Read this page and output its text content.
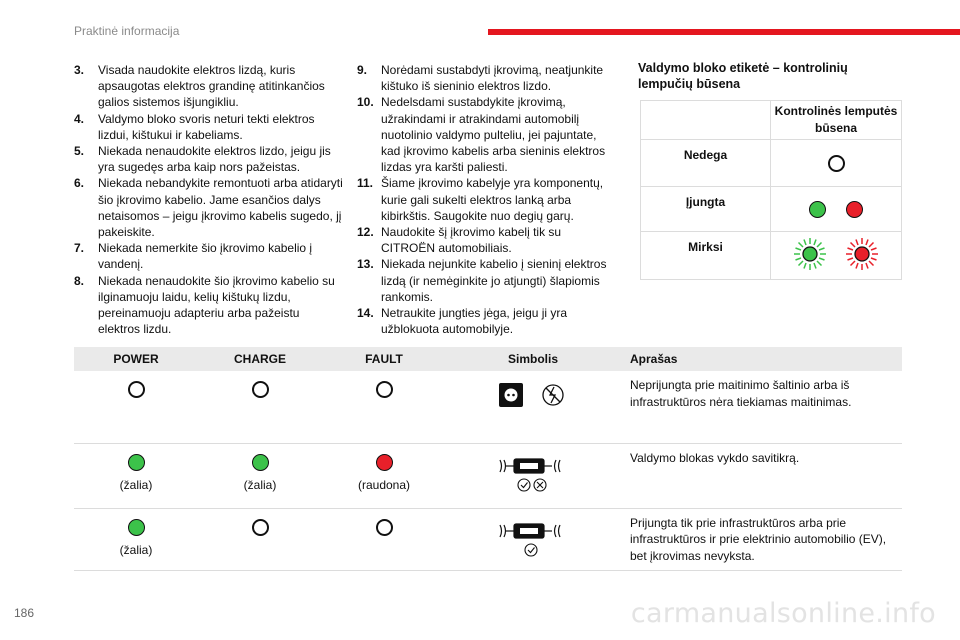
Praktinė informacija
3.	Visada naudokite elektros lizdą, kuris apsaugotas elektros grandinę atitinkančios galios sistemos išjungikliu.
4.	Valdymo bloko svoris neturi tekti elektros lizdui, kištukui ir kabeliams.
5.	Niekada nenaudokite elektros lizdo, jeigu jis yra sugedęs arba kaip nors pažeistas.
6.	Niekada nebandykite remontuoti arba atidaryti šio įkrovimo kabelio. Jame esančios dalys netaisomos – jeigu įkrovimo kabelis sugedo, jį pakeiskite.
7.	Niekada nemerkite šio įkrovimo kabelio į vandenį.
8.	Niekada nenaudokite šio įkrovimo kabelio su ilginamuoju laidu, kelių kištukų lizdu, pereinamuoju adapteriu arba pažeistu elektros lizdu.
9.	Norėdami sustabdyti įkrovimą, neatjunkite kištuko iš sieninio elektros lizdo.
10. Nedelsdami sustabdykite įkrovimą, užrakindami ir atrakindami automobilį nuotolinio valdymo pulteliu, jei pajuntate, kad įkrovimo kabelis arba sieninis elektros lizdas yra karšti paliesti.
11. Šiame įkrovimo kabelyje yra komponentų, kurie gali sukelti elektros lanką arba kibirkštis. Saugokite nuo degių garų.
12. Naudokite šį įkrovimo kabelį tik su CITROËN automobiliais.
13. Niekada nejunkite kabelio į sieninį elektros lizdą (ir nemėginkite jo atjungti) šlapiomis rankomis.
14. Netraukite jungties jėga, jeigu ji yra užblokuota automobilyje.
Valdymo bloko etiketė – kontrolinių lempučių būsena
	Kontrolinės lemputės būsena
Nedega	
Įjungta	
Mirksi	
POWER	CHARGE	FAULT	Simbolis	Aprašas
				Neprijungta prie maitinimo šaltinio arba iš infrastruktūros nėra tiekiamas maitinimas.

(žalia)	(žalia)	(raudona)		Valdymo blokas vykdo savitikrą.

(žalia)				Prijungta tik prie infrastruktūros arba prie infrastruktūros ir prie elektrinio automobilio (EV), bet įkrovimas nevyksta.
186	carmanualsonline.info
